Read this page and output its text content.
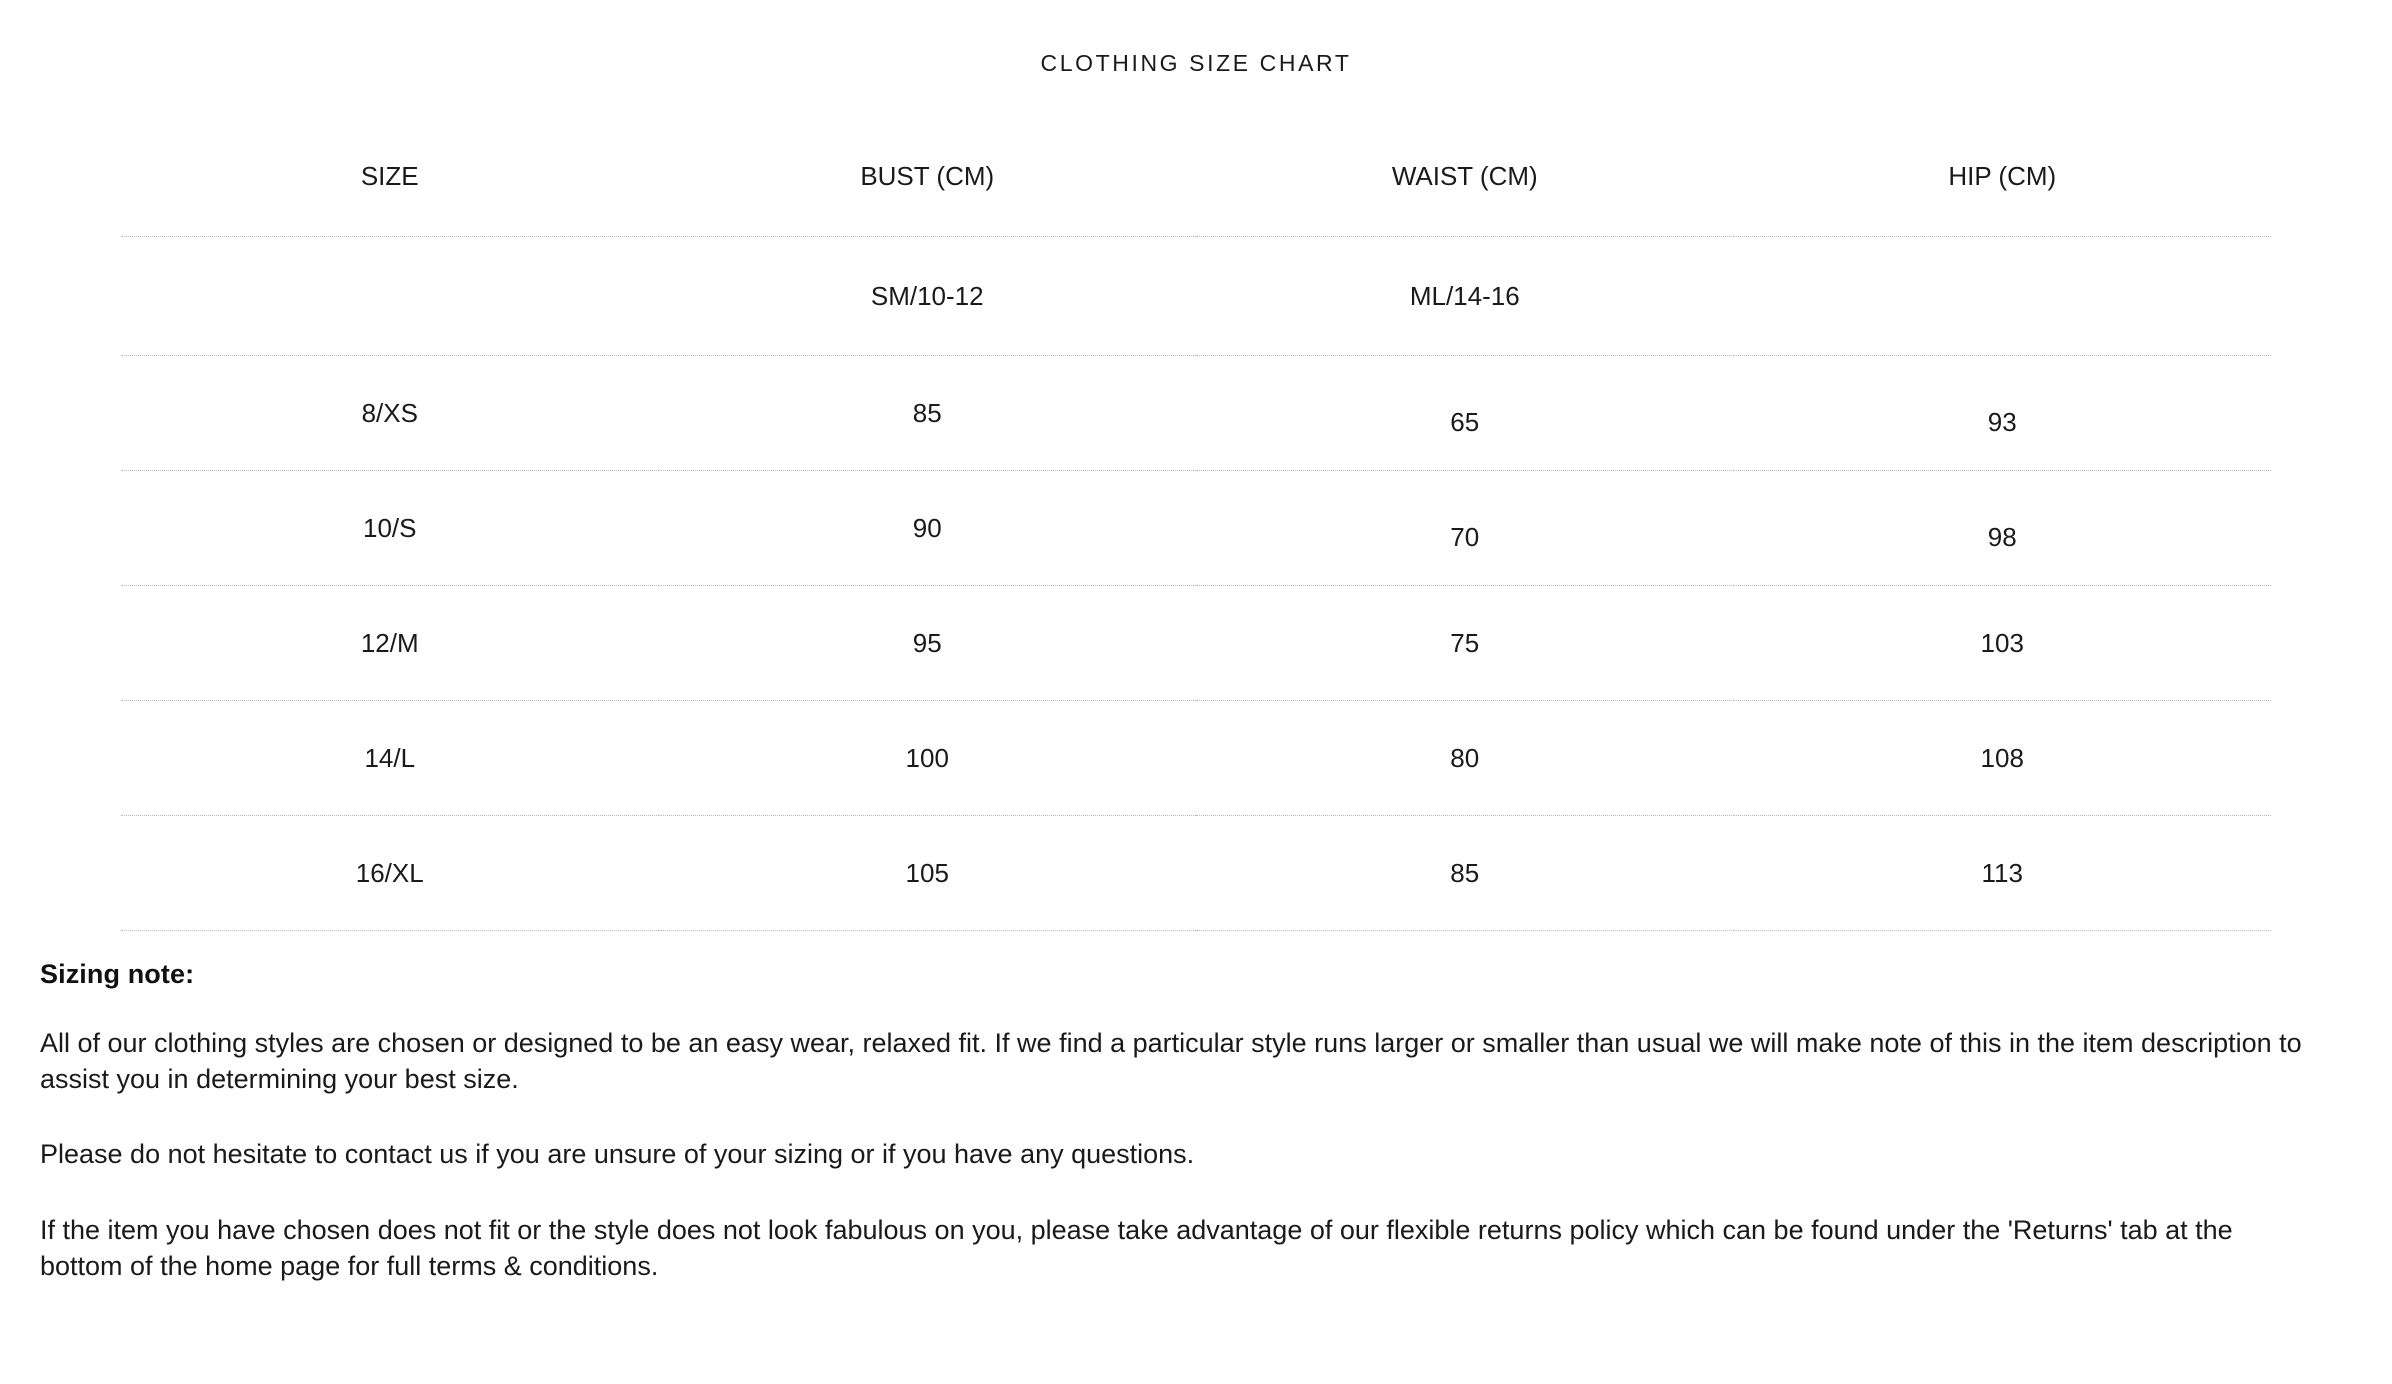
CLOTHING SIZE CHART
SIZE	BUST (CM)	WAIST (CM)	HIP (CM)
	SM/10-12	ML/14-16	
8/XS	85	65	93
10/S	90	70	98
12/M	95	75	103
14/L	100	80	108
16/XL	105	85	113
Sizing note:

All of our clothing styles are chosen or designed to be an easy wear, relaxed fit. If we find a particular style runs larger or smaller than usual we will make note of this in the item description to assist you in determining your best size.

Please do not hesitate to contact us if you are unsure of your sizing or if you have any questions.

If the item you have chosen does not fit or the style does not look fabulous on you, please take advantage of our flexible returns policy which can be found under the 'Returns' tab at the bottom of the home page for full terms & conditions.
